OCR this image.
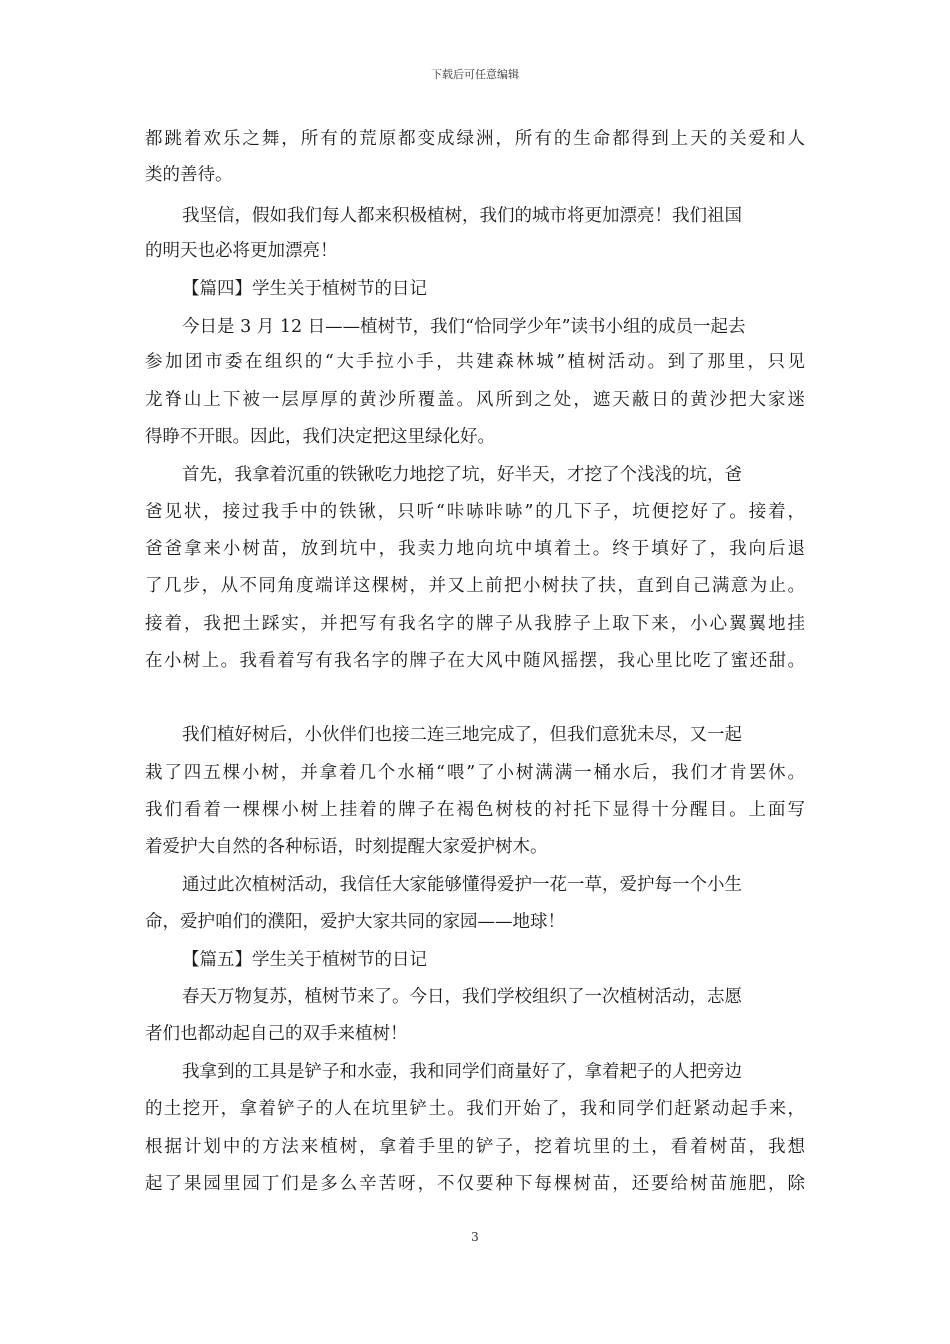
下载后可任意编辑
都跳着欢乐之舞，所有的荒原都变成绿洲，所有的生命都得到上天的关爱和人
类的善待。
我坚信，假如我们每人都来积极植树，我们的城市将更加漂亮！我们祖国
的明天也必将更加漂亮！
【篇四】学生关于植树节的日记
今日是 3 月 12 日——植树节，我们“恰同学少年”读书小组的成员一起去
参加团市委在组织的“大手拉小手，共建森林城”植树活动。到了那里，只见
龙脊山上下被一层厚厚的黄沙所覆盖。风所到之处，遮天蔽日的黄沙把大家迷
得睁不开眼。因此，我们决定把这里绿化好。
首先，我拿着沉重的铁锹吃力地挖了坑，好半天，才挖了个浅浅的坑，爸
爸见状，接过我手中的铁锹，只听“咔哧咔哧”的几下子，坑便挖好了。接着，
爸爸拿来小树苗，放到坑中，我卖力地向坑中填着土。终于填好了，我向后退
了几步，从不同角度端详这棵树，并又上前把小树扶了扶，直到自己满意为止。
接着，我把土踩实，并把写有我名字的牌子从我脖子上取下来，小心翼翼地挂
在小树上。我看着写有我名字的牌子在大风中随风摇摆，我心里比吃了蜜还甜。
我们植好树后，小伙伴们也接二连三地完成了，但我们意犹未尽，又一起
栽了四五棵小树，并拿着几个水桶“喂”了小树满满一桶水后，我们才肯罢休。
我们看着一棵棵小树上挂着的牌子在褐色树枝的衬托下显得十分醒目。上面写
着爱护大自然的各种标语，时刻提醒大家爱护树木。
通过此次植树活动，我信任大家能够懂得爱护一花一草，爱护每一个小生
命，爱护咱们的濮阳，爱护大家共同的家园——地球！
【篇五】学生关于植树节的日记
春天万物复苏，植树节来了。今日，我们学校组织了一次植树活动，志愿
者们也都动起自己的双手来植树！
我拿到的工具是铲子和水壶，我和同学们商量好了，拿着耙子的人把旁边
的土挖开，拿着铲子的人在坑里铲土。我们开始了，我和同学们赶紧动起手来，
根据计划中的方法来植树，拿着手里的铲子，挖着坑里的土，看着树苗，我想
起了果园里园丁们是多么辛苦呀，不仅要种下每棵树苗，还要给树苗施肥，除
3
